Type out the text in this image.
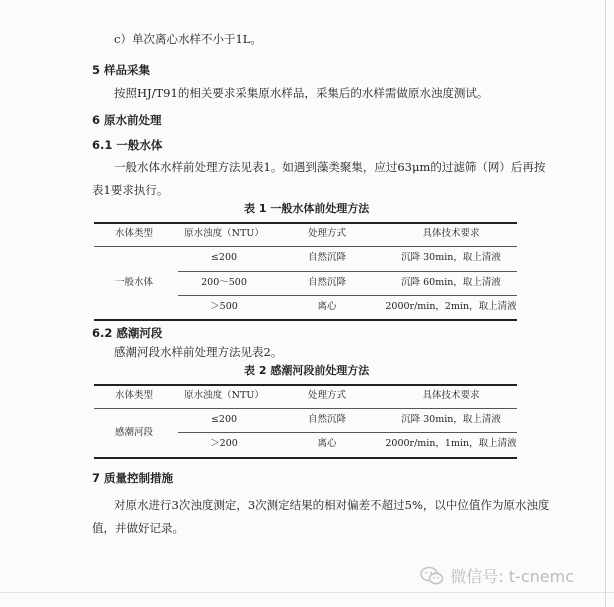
c）单次离心水样不小于1L。
5 样品采集
按照HJ/T91的相关要求采集原水样品，采集后的水样需做原水浊度测试。
6 原水前处理
6.1 一般水体
一般水体水样前处理方法见表1。如遇到藻类聚集，应过63μm的过滤筛（网）后再按
表1要求执行。
表 1 一般水体前处理方法
水体类型	原水浊度（NTU）	处理方式	具体技术要求
一般水体
≤200	自然沉降	沉降 30min，取上清液
200～500	自然沉降	沉降 60min，取上清液
＞500	离心	2000r/min，2min，取上清液
6.2 感潮河段
感潮河段水样前处理方法见表2。
表 2 感潮河段前处理方法
水体类型	原水浊度（NTU）	处理方式	具体技术要求
感潮河段
≤200	自然沉降	沉降 30min，取上清液
＞200	离心	2000r/min，1min，取上清液
7 质量控制措施
对原水进行3次浊度测定，3次测定结果的相对偏差不超过5%，以中位值作为原水浊度
值，并做好记录。
微信号: t-cnemc
